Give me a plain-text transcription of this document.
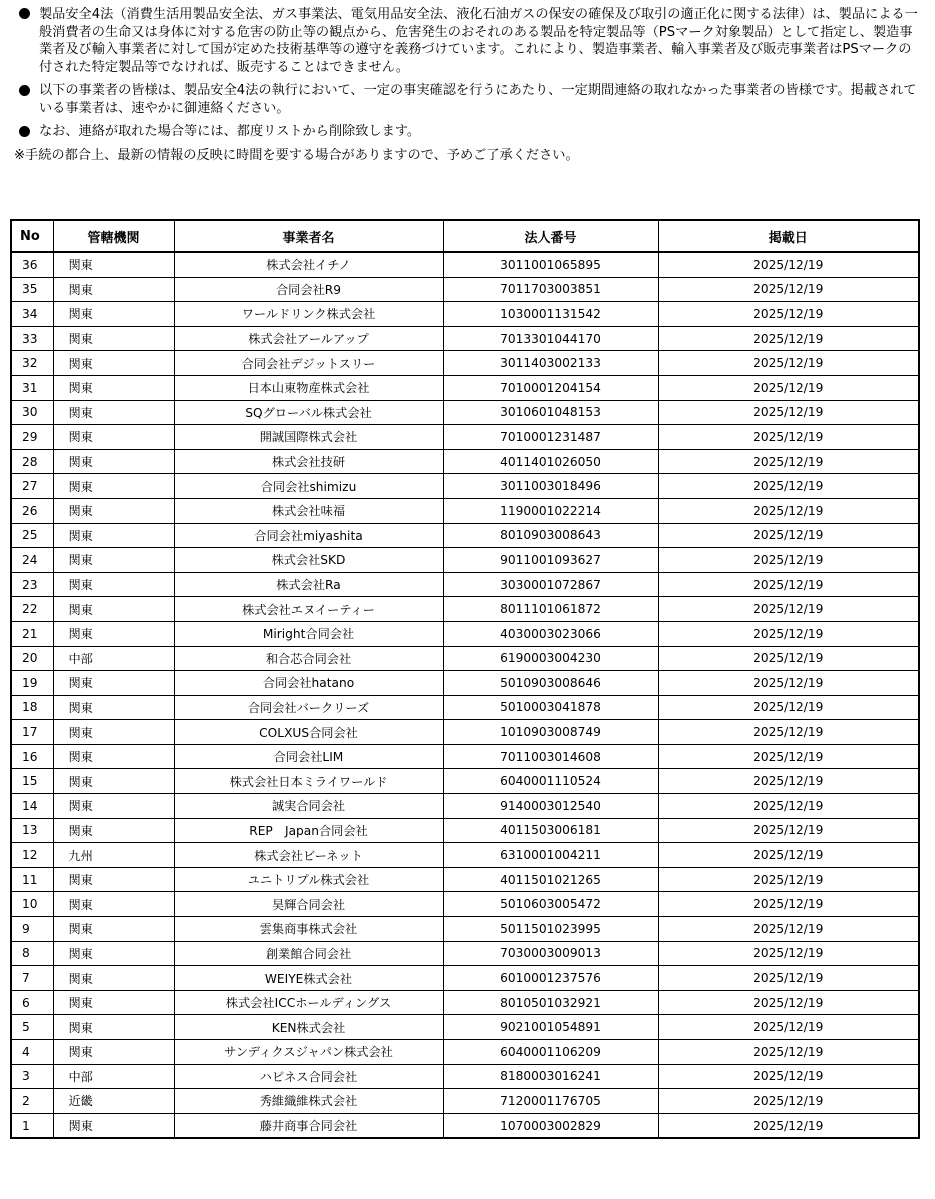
製品安全4法（消費生活用製品安全法、ガス事業法、電気用品安全法、液化石油ガスの保安の確保及び取引の適正化に関する法律）は、製品による一般消費者の生命又は身体に対する危害の防止等の観点から、危害発生のおそれのある製品を特定製品等（PSマーク対象製品）として指定し、製造事業者及び輸入事業者に対して国が定めた技術基準等の遵守を義務づけています。これにより、製造事業者、輸入事業者及び販売事業者はPSマークの付された特定製品等でなければ、販売することはできません。
以下の事業者の皆様は、製品安全4法の執行において、一定の事実確認を行うにあたり、一定期間連絡の取れなかった事業者の皆様です。掲載されている事業者は、速やかに御連絡ください。
なお、連絡が取れた場合等には、都度リストから削除致します。
※手続の都合上、最新の情報の反映に時間を要する場合がありますので、予めご了承ください。
No	管轄機関	事業者名	法人番号	掲載日
36	関東	株式会社イチノ	3011001065895	2025/12/19
35	関東	合同会社R9	7011703003851	2025/12/19
34	関東	ワールドリンク株式会社	1030001131542	2025/12/19
33	関東	株式会社アールアップ	7013301044170	2025/12/19
32	関東	合同会社デジットスリー	3011403002133	2025/12/19
31	関東	日本山東物産株式会社	7010001204154	2025/12/19
30	関東	SQグローバル株式会社	3010601048153	2025/12/19
29	関東	開誠国際株式会社	7010001231487	2025/12/19
28	関東	株式会社技研	4011401026050	2025/12/19
27	関東	合同会社shimizu	3011003018496	2025/12/19
26	関東	株式会社味福	1190001022214	2025/12/19
25	関東	合同会社miyashita	8010903008643	2025/12/19
24	関東	株式会社SKD	9011001093627	2025/12/19
23	関東	株式会社Ra	3030001072867	2025/12/19
22	関東	株式会社エヌイーティー	8011101061872	2025/12/19
21	関東	Miright合同会社	4030003023066	2025/12/19
20	中部	和合芯合同会社	6190003004230	2025/12/19
19	関東	合同会社hatano	5010903008646	2025/12/19
18	関東	合同会社バークリーズ	5010003041878	2025/12/19
17	関東	COLXUS合同会社	1010903008749	2025/12/19
16	関東	合同会社LIM	7011003014608	2025/12/19
15	関東	株式会社日本ミライワールド	6040001110524	2025/12/19
14	関東	誠実合同会社	9140003012540	2025/12/19
13	関東	REP　Japan合同会社	4011503006181	2025/12/19
12	九州	株式会社ビーネット	6310001004211	2025/12/19
11	関東	ユニトリプル株式会社	4011501021265	2025/12/19
10	関東	昊輝合同会社	5010603005472	2025/12/19
9	関東	雲集商事株式会社	5011501023995	2025/12/19
8	関東	創業館合同会社	7030003009013	2025/12/19
7	関東	WEIYE株式会社	6010001237576	2025/12/19
6	関東	株式会社ICCホールディングス	8010501032921	2025/12/19
5	関東	KEN株式会社	9021001054891	2025/12/19
4	関東	サンディクスジャパン株式会社	6040001106209	2025/12/19
3	中部	ハピネス合同会社	8180003016241	2025/12/19
2	近畿	秀維織維株式会社	7120001176705	2025/12/19
1	関東	藤井商事合同会社	1070003002829	2025/12/19
